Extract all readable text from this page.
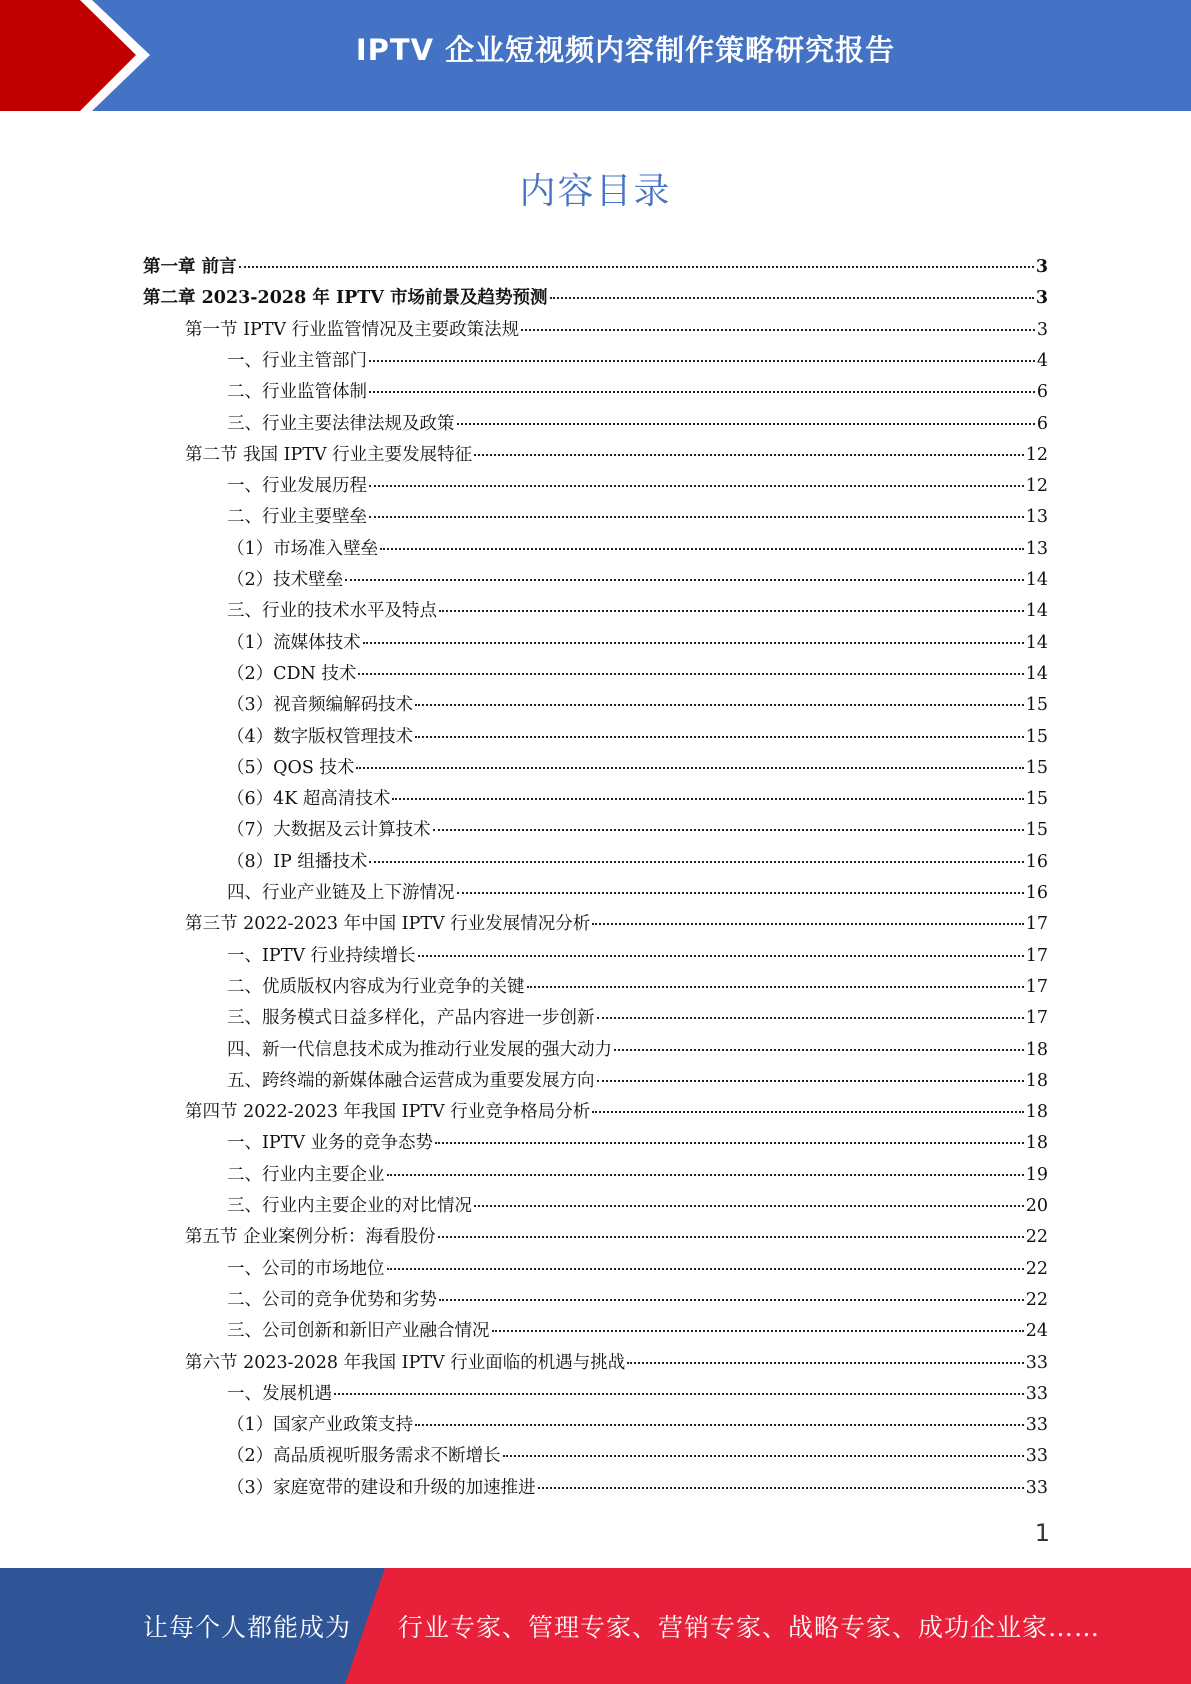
IPTV 企业短视频内容制作策略研究报告
内容目录
第一章 前言	3
第二章 2023-2028 年 IPTV 市场前景及趋势预测	3
第一节 IPTV 行业监管情况及主要政策法规	3
一、行业主管部门	4
二、行业监管体制	6
三、行业主要法律法规及政策	6
第二节 我国 IPTV 行业主要发展特征	12
一、行业发展历程	12
二、行业主要壁垒	13
（1）市场准入壁垒	13
（2）技术壁垒	14
三、行业的技术水平及特点	14
（1）流媒体技术	14
（2）CDN 技术	14
（3）视音频编解码技术	15
（4）数字版权管理技术	15
（5）QOS 技术	15
（6）4K 超高清技术	15
（7）大数据及云计算技术	15
（8）IP 组播技术	16
四、行业产业链及上下游情况	16
第三节 2022-2023 年中国 IPTV 行业发展情况分析	17
一、IPTV 行业持续增长	17
二、优质版权内容成为行业竞争的关键	17
三、服务模式日益多样化，产品内容进一步创新	17
四、新一代信息技术成为推动行业发展的强大动力	18
五、跨终端的新媒体融合运营成为重要发展方向	18
第四节 2022-2023 年我国 IPTV 行业竞争格局分析	18
一、IPTV 业务的竞争态势	18
二、行业内主要企业	19
三、行业内主要企业的对比情况	20
第五节 企业案例分析：海看股份	22
一、公司的市场地位	22
二、公司的竞争优势和劣势	22
三、公司创新和新旧产业融合情况	24
第六节 2023-2028 年我国 IPTV 行业面临的机遇与挑战	33
一、发展机遇	33
（1）国家产业政策支持	33
（2）高品质视听服务需求不断增长	33
（3）家庭宽带的建设和升级的加速推进	33
1
让每个人都能成为 行业专家、管理专家、营销专家、战略专家、成功企业家……
